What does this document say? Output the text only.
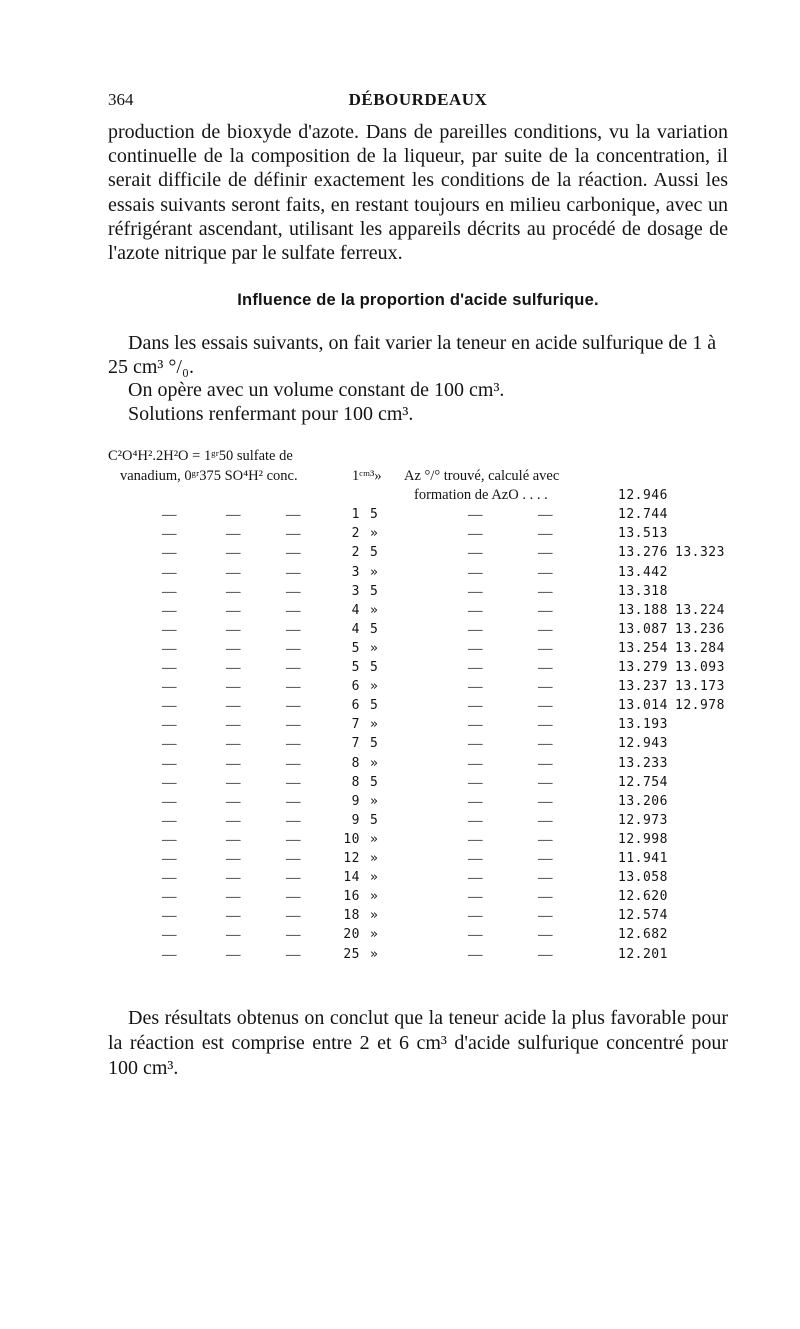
364	DÉBOURDEAUX

production de bioxyde d'azote. Dans de pareilles conditions, vu la variation continuelle de la composition de la liqueur, par suite de la concentration, il serait difficile de définir exactement les conditions de la réaction. Aussi les essais suivants seront faits, en restant toujours en milieu carbonique, avec un réfrigérant ascendant, utilisant les appareils décrits au procédé de dosage de l'azote nitrique par le sulfate ferreux.

Influence de la proportion d'acide sulfurique.

Dans les essais suivants, on fait varier la teneur en acide sulfurique de 1 à 25 cm³ °/₀.

On opère avec un volume constant de 100 cm³.

Solutions renfermant pour 100 cm³.

C²O⁴H².2H²O = 1ᵍʳ50 sulfate de
vanadium, 0ᵍʳ375 SO⁴H² conc.	1ᶜᵐ³» Az °/° trouvé, calculé avec
formation de AzO . . . .	12.946
—	—	—	1 5	—	—	12.744
—	—	—	2 »	—	—	13.513
—	—	—	2 5	—	—	13.276 13.323
—	—	—	3 »	—	—	13.442
—	—	—	3 5	—	—	13.318
—	—	—	4 »	—	—	13.188 13.224
—	—	—	4 5	—	—	13.087 13.236
—	—	—	5 »	—	—	13.254 13.284
—	—	—	5 5	—	—	13.279 13.093
—	—	—	6 »	—	—	13.237 13.173
—	—	—	6 5	—	—	13.014 12.978
—	—	—	7 »	—	—	13.193
—	—	—	7 5	—	—	12.943
—	—	—	8 »	—	—	13.233
—	—	—	8 5	—	—	12.754
—	—	—	9 »	—	—	13.206
—	—	—	9 5	—	—	12.973
—	—	—	10 »	—	—	12.998
—	—	—	12 »	—	—	11.941
—	—	—	14 »	—	—	13.058
—	—	—	16 »	—	—	12.620
—	—	—	18 »	—	—	12.574
—	—	—	20 »	—	—	12.682
—	—	—	25 »	—	—	12.201

Des résultats obtenus on conclut que la teneur acide la plus favorable pour la réaction est comprise entre 2 et 6 cm³ d'acide sulfurique concentré pour 100 cm³.
